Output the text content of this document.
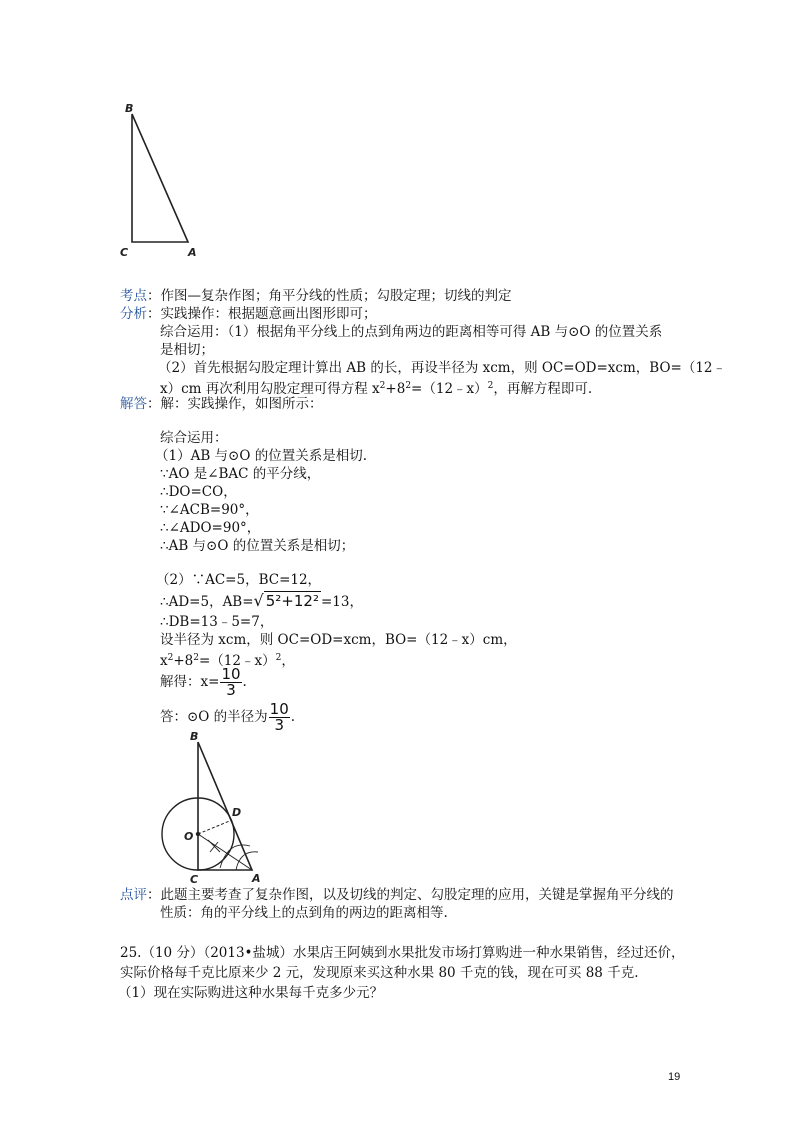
B
C	A
考点：作图—复杂作图；角平分线的性质；勾股定理；切线的判定
分析：实践操作：根据题意画出图形即可；
综合运用：（1）根据角平分线上的点到角两边的距离相等可得 AB 与⊙O 的位置关系
是相切；
（2）首先根据勾股定理计算出 AB 的长，再设半径为 xcm，则 OC=OD=xcm，BO=（12﹣
x）cm 再次利用勾股定理可得方程 $x^2+8^2=(12﹣x)^2$，再解方程即可.
解答：解：实践操作，如图所示：
综合运用：
（1）AB 与⊙O 的位置关系是相切.
∵AO 是∠BAC 的平分线，
∴DO=CO，
∵∠ACB=90°，
∴∠ADO=90°，
∴AB 与⊙O 的位置关系是相切；
（2）∵AC=5，BC=12，
∴AD=5，AB=√ 5²+12² =13，
∴DB=13﹣5=7，
设半径为 xcm，则 OC=OD=xcm，BO=（12﹣x）cm，
$x^2+8^2=(12﹣x)^2$，
解得：$x= \frac{10}{3}$ .
答：⊙O 的半径为 $\frac{10}{3}$ .
B
D
O
C	A
点评：此题主要考查了复杂作图，以及切线的判定、勾股定理的应用，关键是掌握角平分线的
性质：角的平分线上的点到角的两边的距离相等.
25.（10 分）（2013•盐城）水果店王阿姨到水果批发市场打算购进一种水果销售，经过还价，
实际价格每千克比原来少 2 元，发现原来买这种水果 80 千克的钱，现在可买 88 千克.
（1）现在实际购进这种水果每千克多少元？
19
